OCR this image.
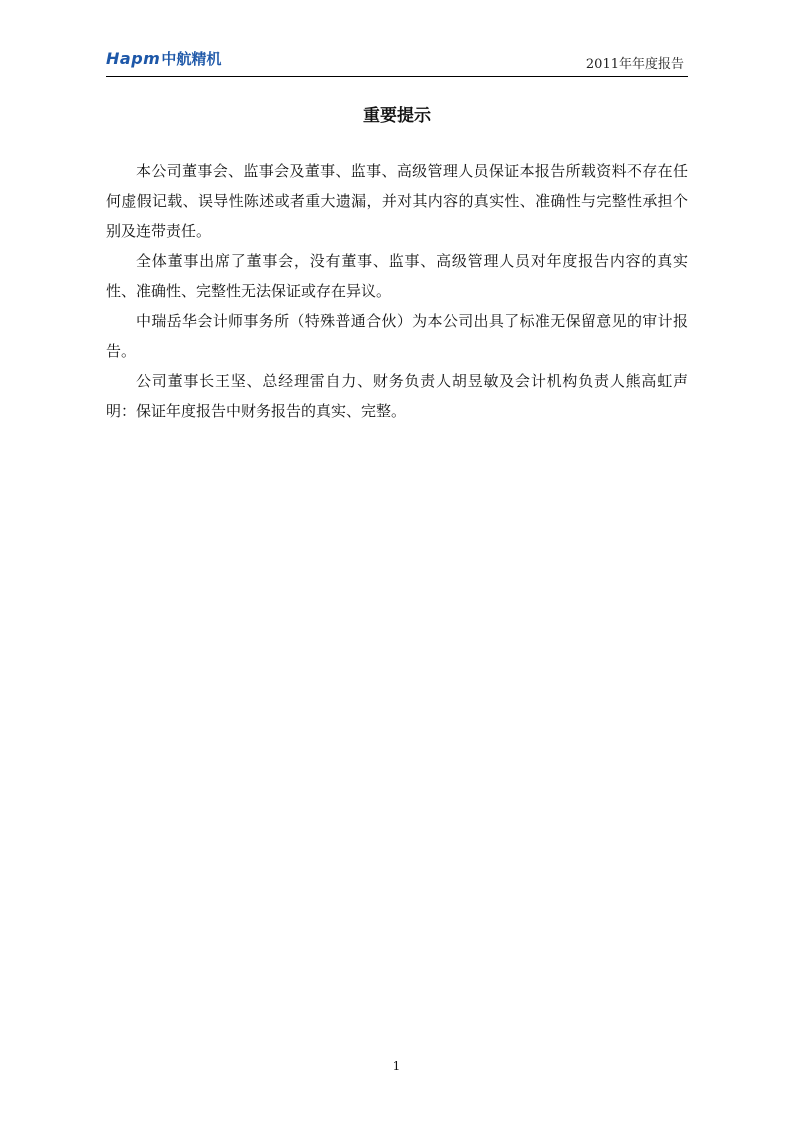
Hapm 中航精机	2011年年度报告
重要提示

本公司董事会、监事会及董事、监事、高级管理人员保证本报告所载资料不存在任何虚假记载、误导性陈述或者重大遗漏，并对其内容的真实性、准确性与完整性承担个别及连带责任。

全体董事出席了董事会，没有董事、监事、高级管理人员对年度报告内容的真实性、准确性、完整性无法保证或存在异议。

中瑞岳华会计师事务所（特殊普通合伙）为本公司出具了标准无保留意见的审计报告。

公司董事长王坚、总经理雷自力、财务负责人胡昱敏及会计机构负责人熊高虹声明：保证年度报告中财务报告的真实、完整。

1
